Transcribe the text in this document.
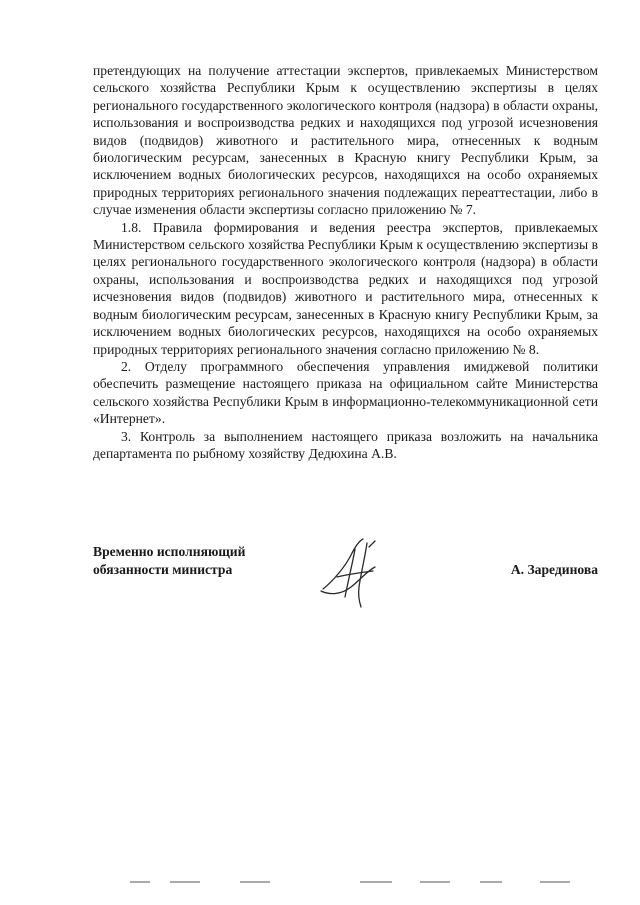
претендующих на получение аттестации экспертов, привлекаемых Министерством сельского хозяйства Республики Крым к осуществлению экспертизы в целях регионального государственного экологического контроля (надзора) в области охраны, использования и воспроизводства редких и находящихся под угрозой исчезновения видов (подвидов) животного и растительного мира, отнесенных к водным биологическим ресурсам, занесенных в Красную книгу Республики Крым, за исключением водных биологических ресурсов, находящихся на особо охраняемых природных территориях регионального значения подлежащих переаттестации, либо в случае изменения области экспертизы согласно приложению № 7.

1.8. Правила формирования и ведения реестра экспертов, привлекаемых Министерством сельского хозяйства Республики Крым к осуществлению экспертизы в целях регионального государственного экологического контроля (надзора) в области охраны, использования и воспроизводства редких и находящихся под угрозой исчезновения видов (подвидов) животного и растительного мира, отнесенных к водным биологическим ресурсам, занесенных в Красную книгу Республики Крым, за исключением водных биологических ресурсов, находящихся на особо охраняемых природных территориях регионального значения согласно приложению № 8.

2. Отделу программного обеспечения управления имиджевой политики обеспечить размещение настоящего приказа на официальном сайте Министерства сельского хозяйства Республики Крым в информационно-телекоммуникационной сети «Интернет».

3. Контроль за выполнением настоящего приказа возложить на начальника департамента по рыбному хозяйству Дедюхина А.В.

Временно исполняющий
обязанности министра	А. Зарединова
